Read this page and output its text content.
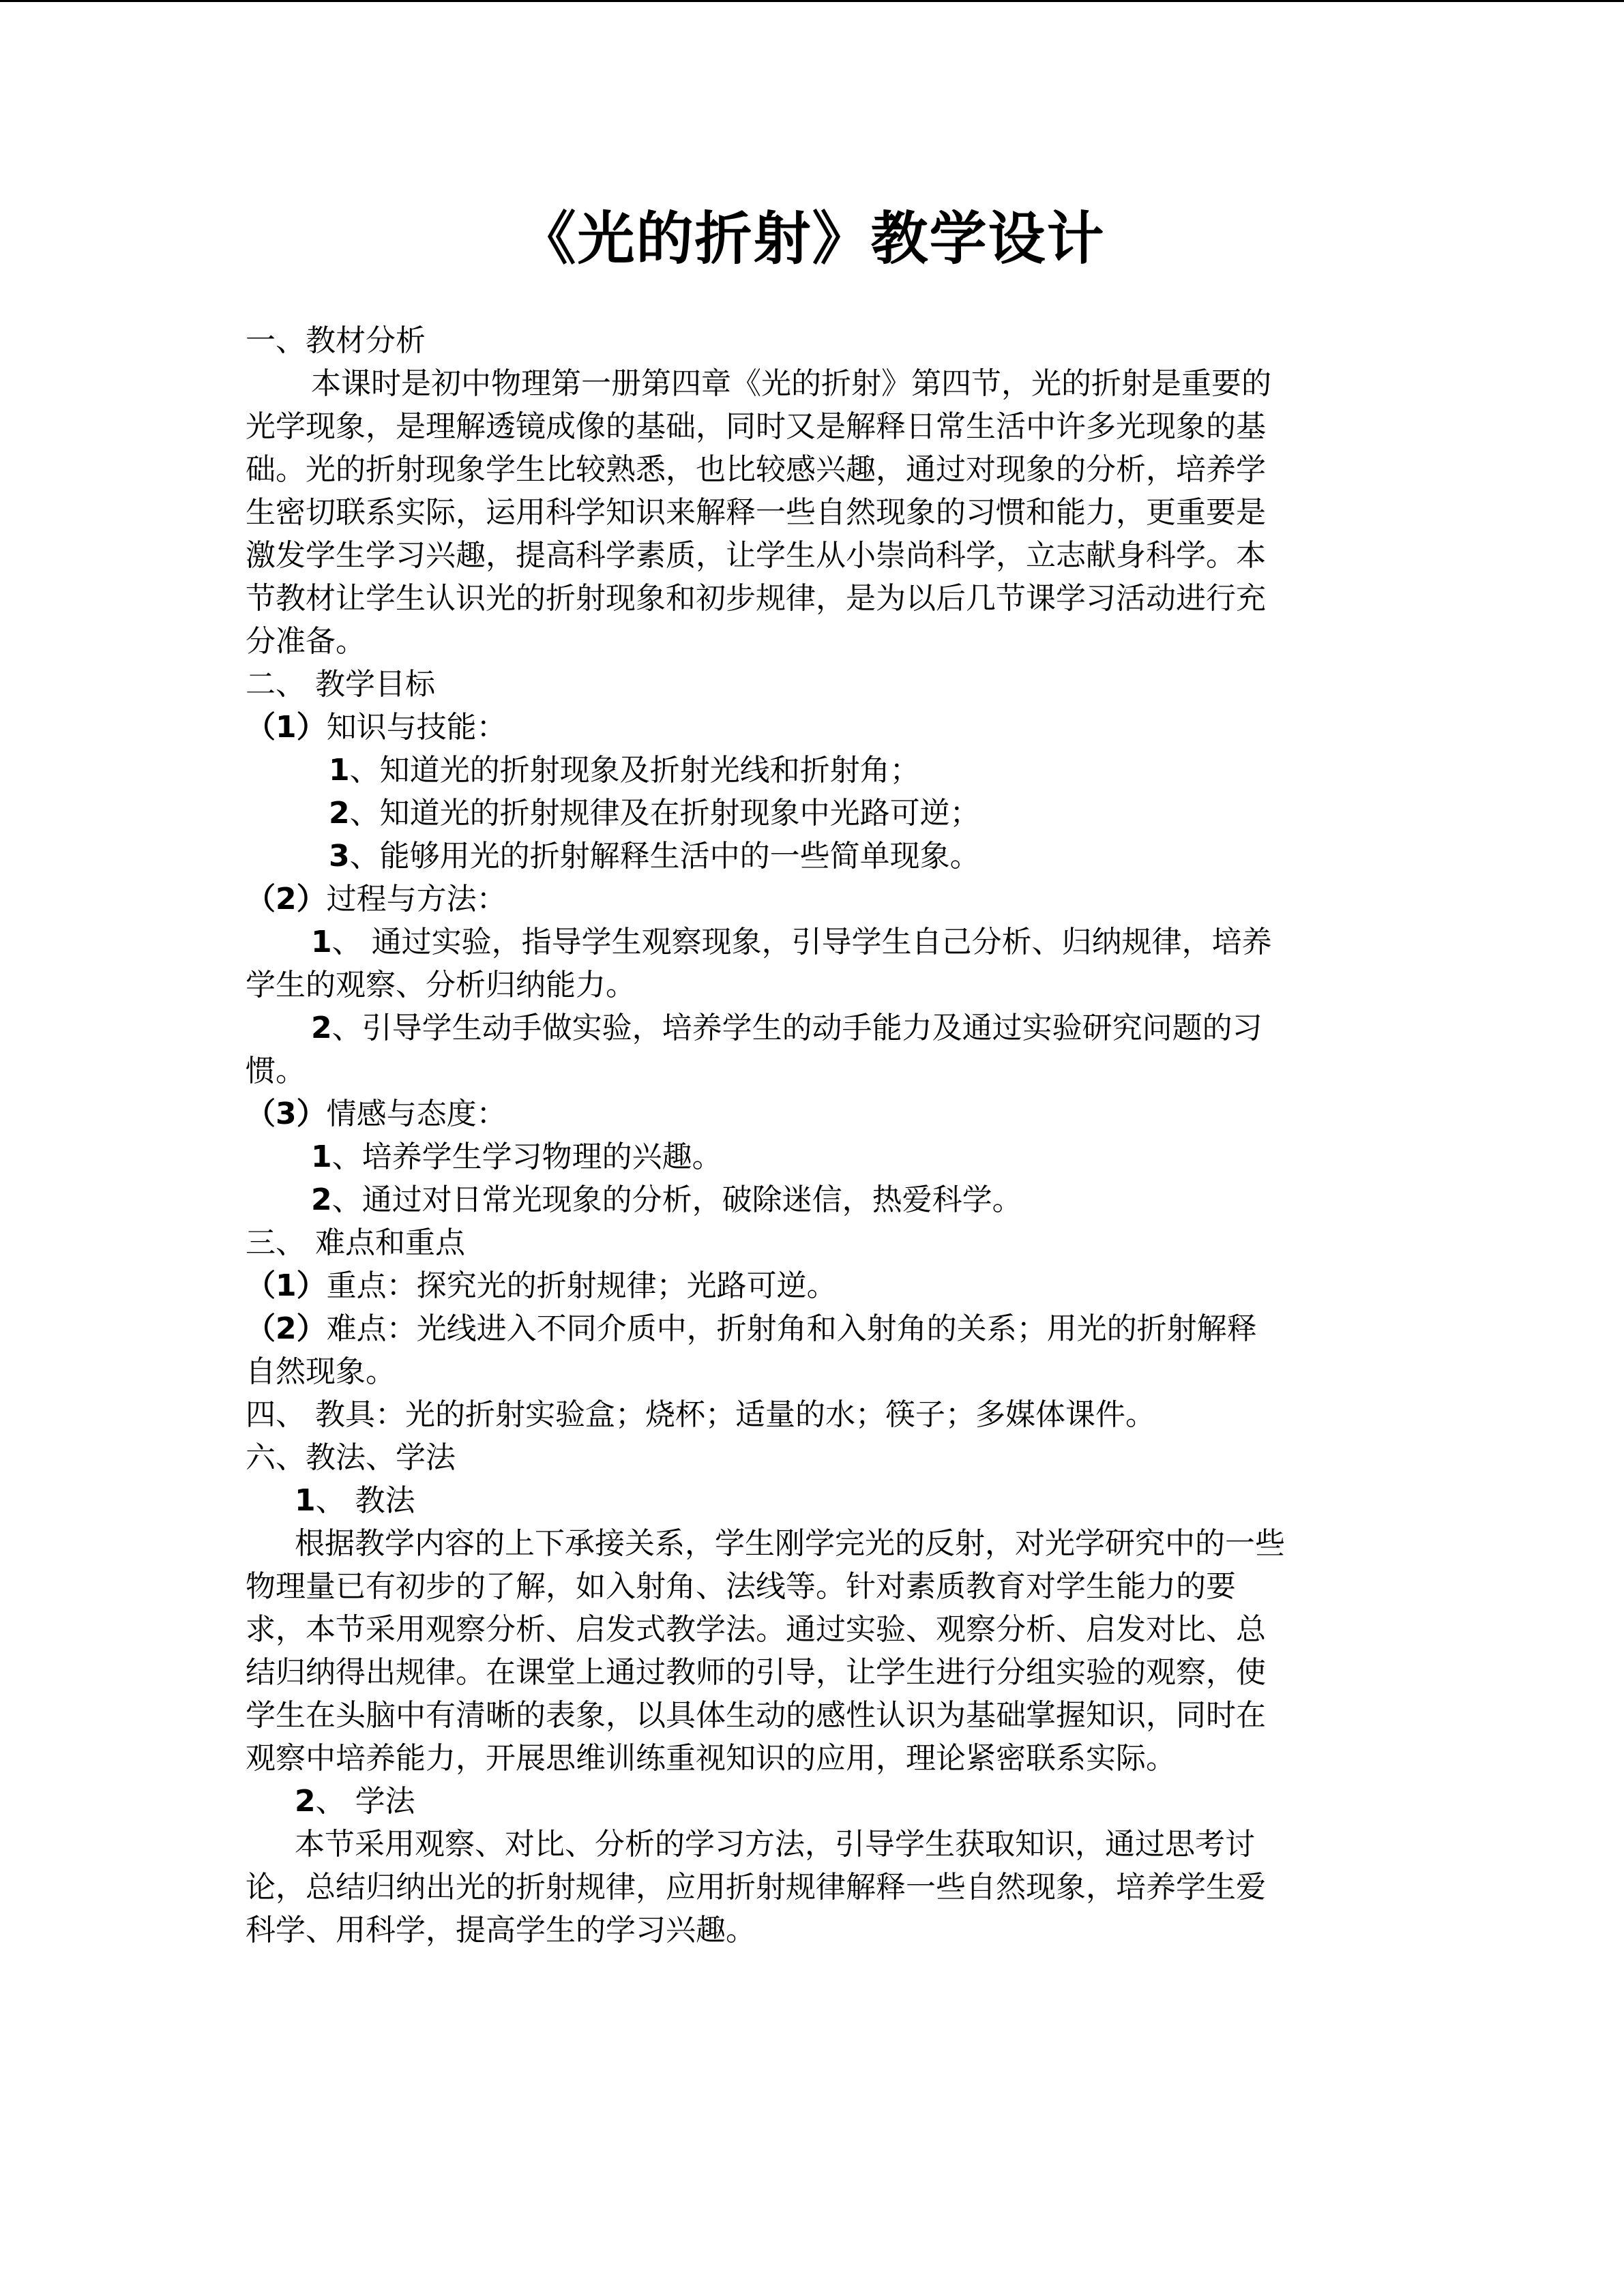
《光的折射》教学设计
一、教材分析
本课时是初中物理第一册第四章《光的折射》第四节，光的折射是重要的
光学现象，是理解透镜成像的基础，同时又是解释日常生活中许多光现象的基
础。光的折射现象学生比较熟悉，也比较感兴趣，通过对现象的分析，培养学
生密切联系实际，运用科学知识来解释一些自然现象的习惯和能力，更重要是
激发学生学习兴趣，提高科学素质，让学生从小崇尚科学，立志献身科学。本
节教材让学生认识光的折射现象和初步规律，是为以后几节课学习活动进行充
分准备。
二、 教学目标
（1）知识与技能：
1、知道光的折射现象及折射光线和折射角；
2、知道光的折射规律及在折射现象中光路可逆；
3、能够用光的折射解释生活中的一些简单现象。
（2）过程与方法：
1、 通过实验，指导学生观察现象，引导学生自己分析、归纳规律，培养
学生的观察、分析归纳能力。
2、引导学生动手做实验，培养学生的动手能力及通过实验研究问题的习
惯。
（3）情感与态度：
1、培养学生学习物理的兴趣。
2、通过对日常光现象的分析，破除迷信，热爱科学。
三、 难点和重点
（1）重点：探究光的折射规律；光路可逆。
（2）难点：光线进入不同介质中，折射角和入射角的关系；用光的折射解释
自然现象。
四、 教具：光的折射实验盒；烧杯；适量的水；筷子；多媒体课件。
六、教法、学法
1、 教法
根据教学内容的上下承接关系，学生刚学完光的反射，对光学研究中的一些
物理量已有初步的了解，如入射角、法线等。针对素质教育对学生能力的要
求，本节采用观察分析、启发式教学法。通过实验、观察分析、启发对比、总
结归纳得出规律。在课堂上通过教师的引导，让学生进行分组实验的观察，使
学生在头脑中有清晰的表象，以具体生动的感性认识为基础掌握知识，同时在
观察中培养能力，开展思维训练重视知识的应用，理论紧密联系实际。
2、 学法
本节采用观察、对比、分析的学习方法，引导学生获取知识，通过思考讨
论，总结归纳出光的折射规律，应用折射规律解释一些自然现象，培养学生爱
科学、用科学，提高学生的学习兴趣。
